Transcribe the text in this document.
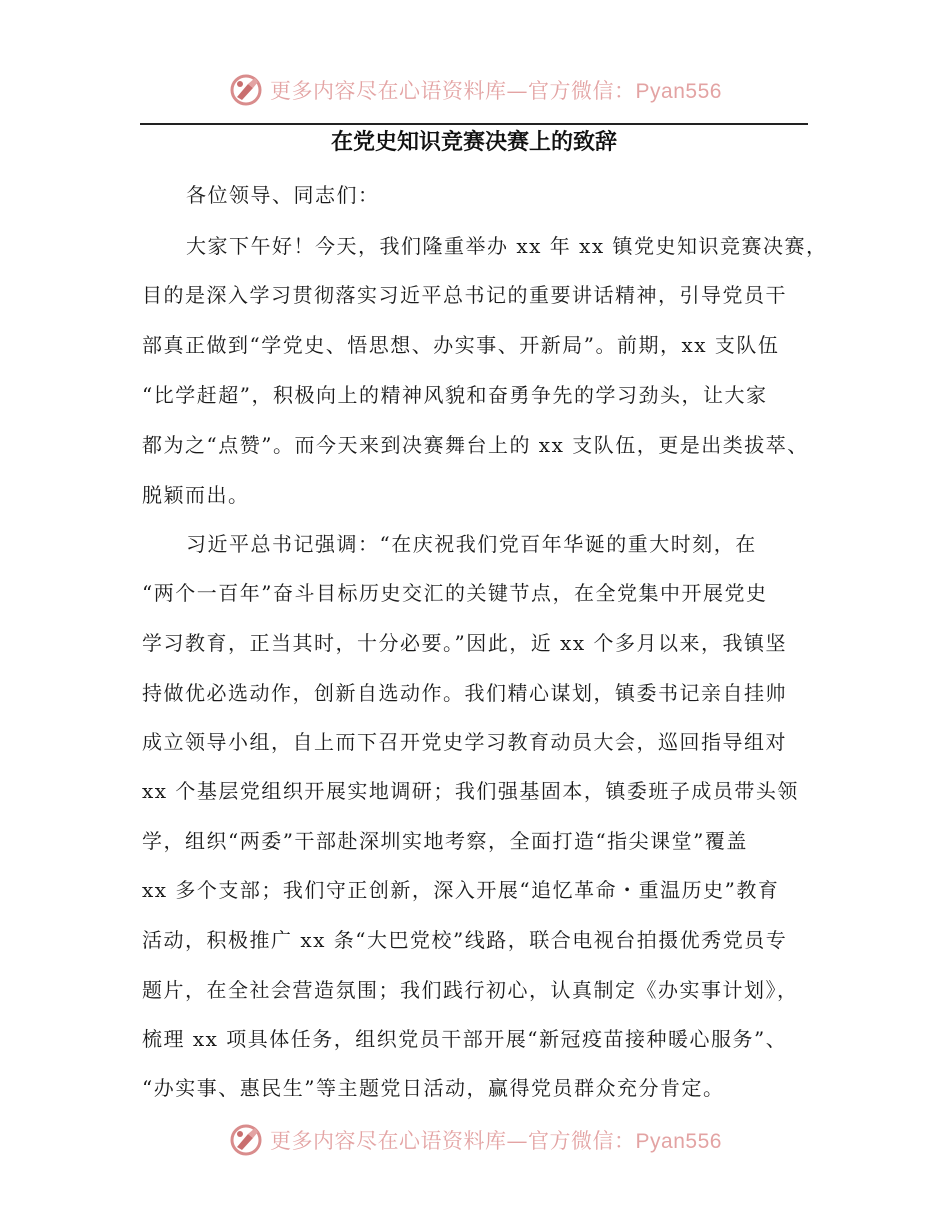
更多内容尽在心语资料库—官方微信：Pyan556
在党史知识竞赛决赛上的致辞
各位领导、同志们：
大家下午好！今天，我们隆重举办 xx 年 xx 镇党史知识竞赛决赛，
目的是深入学习贯彻落实习近平总书记的重要讲话精神，引导党员干
部真正做到“学党史、悟思想、办实事、开新局”。前期，xx 支队伍
“比学赶超”，积极向上的精神风貌和奋勇争先的学习劲头，让大家
都为之“点赞”。而今天来到决赛舞台上的 xx 支队伍，更是出类拔萃、
脱颖而出。
习近平总书记强调：“在庆祝我们党百年华诞的重大时刻，在
“两个一百年”奋斗目标历史交汇的关键节点，在全党集中开展党史
学习教育，正当其时，十分必要。”因此，近 xx 个多月以来，我镇坚
持做优必选动作，创新自选动作。我们精心谋划，镇委书记亲自挂帅
成立领导小组，自上而下召开党史学习教育动员大会，巡回指导组对
xx 个基层党组织开展实地调研；我们强基固本，镇委班子成员带头领
学，组织“两委”干部赴深圳实地考察，全面打造“指尖课堂”覆盖
xx 多个支部；我们守正创新，深入开展“追忆革命・重温历史”教育
活动，积极推广 xx 条“大巴党校”线路，联合电视台拍摄优秀党员专
题片，在全社会营造氛围；我们践行初心，认真制定《办实事计划》，
梳理 xx 项具体任务，组织党员干部开展“新冠疫苗接种暖心服务”、
“办实事、惠民生”等主题党日活动，赢得党员群众充分肯定。
更多内容尽在心语资料库—官方微信：Pyan556
